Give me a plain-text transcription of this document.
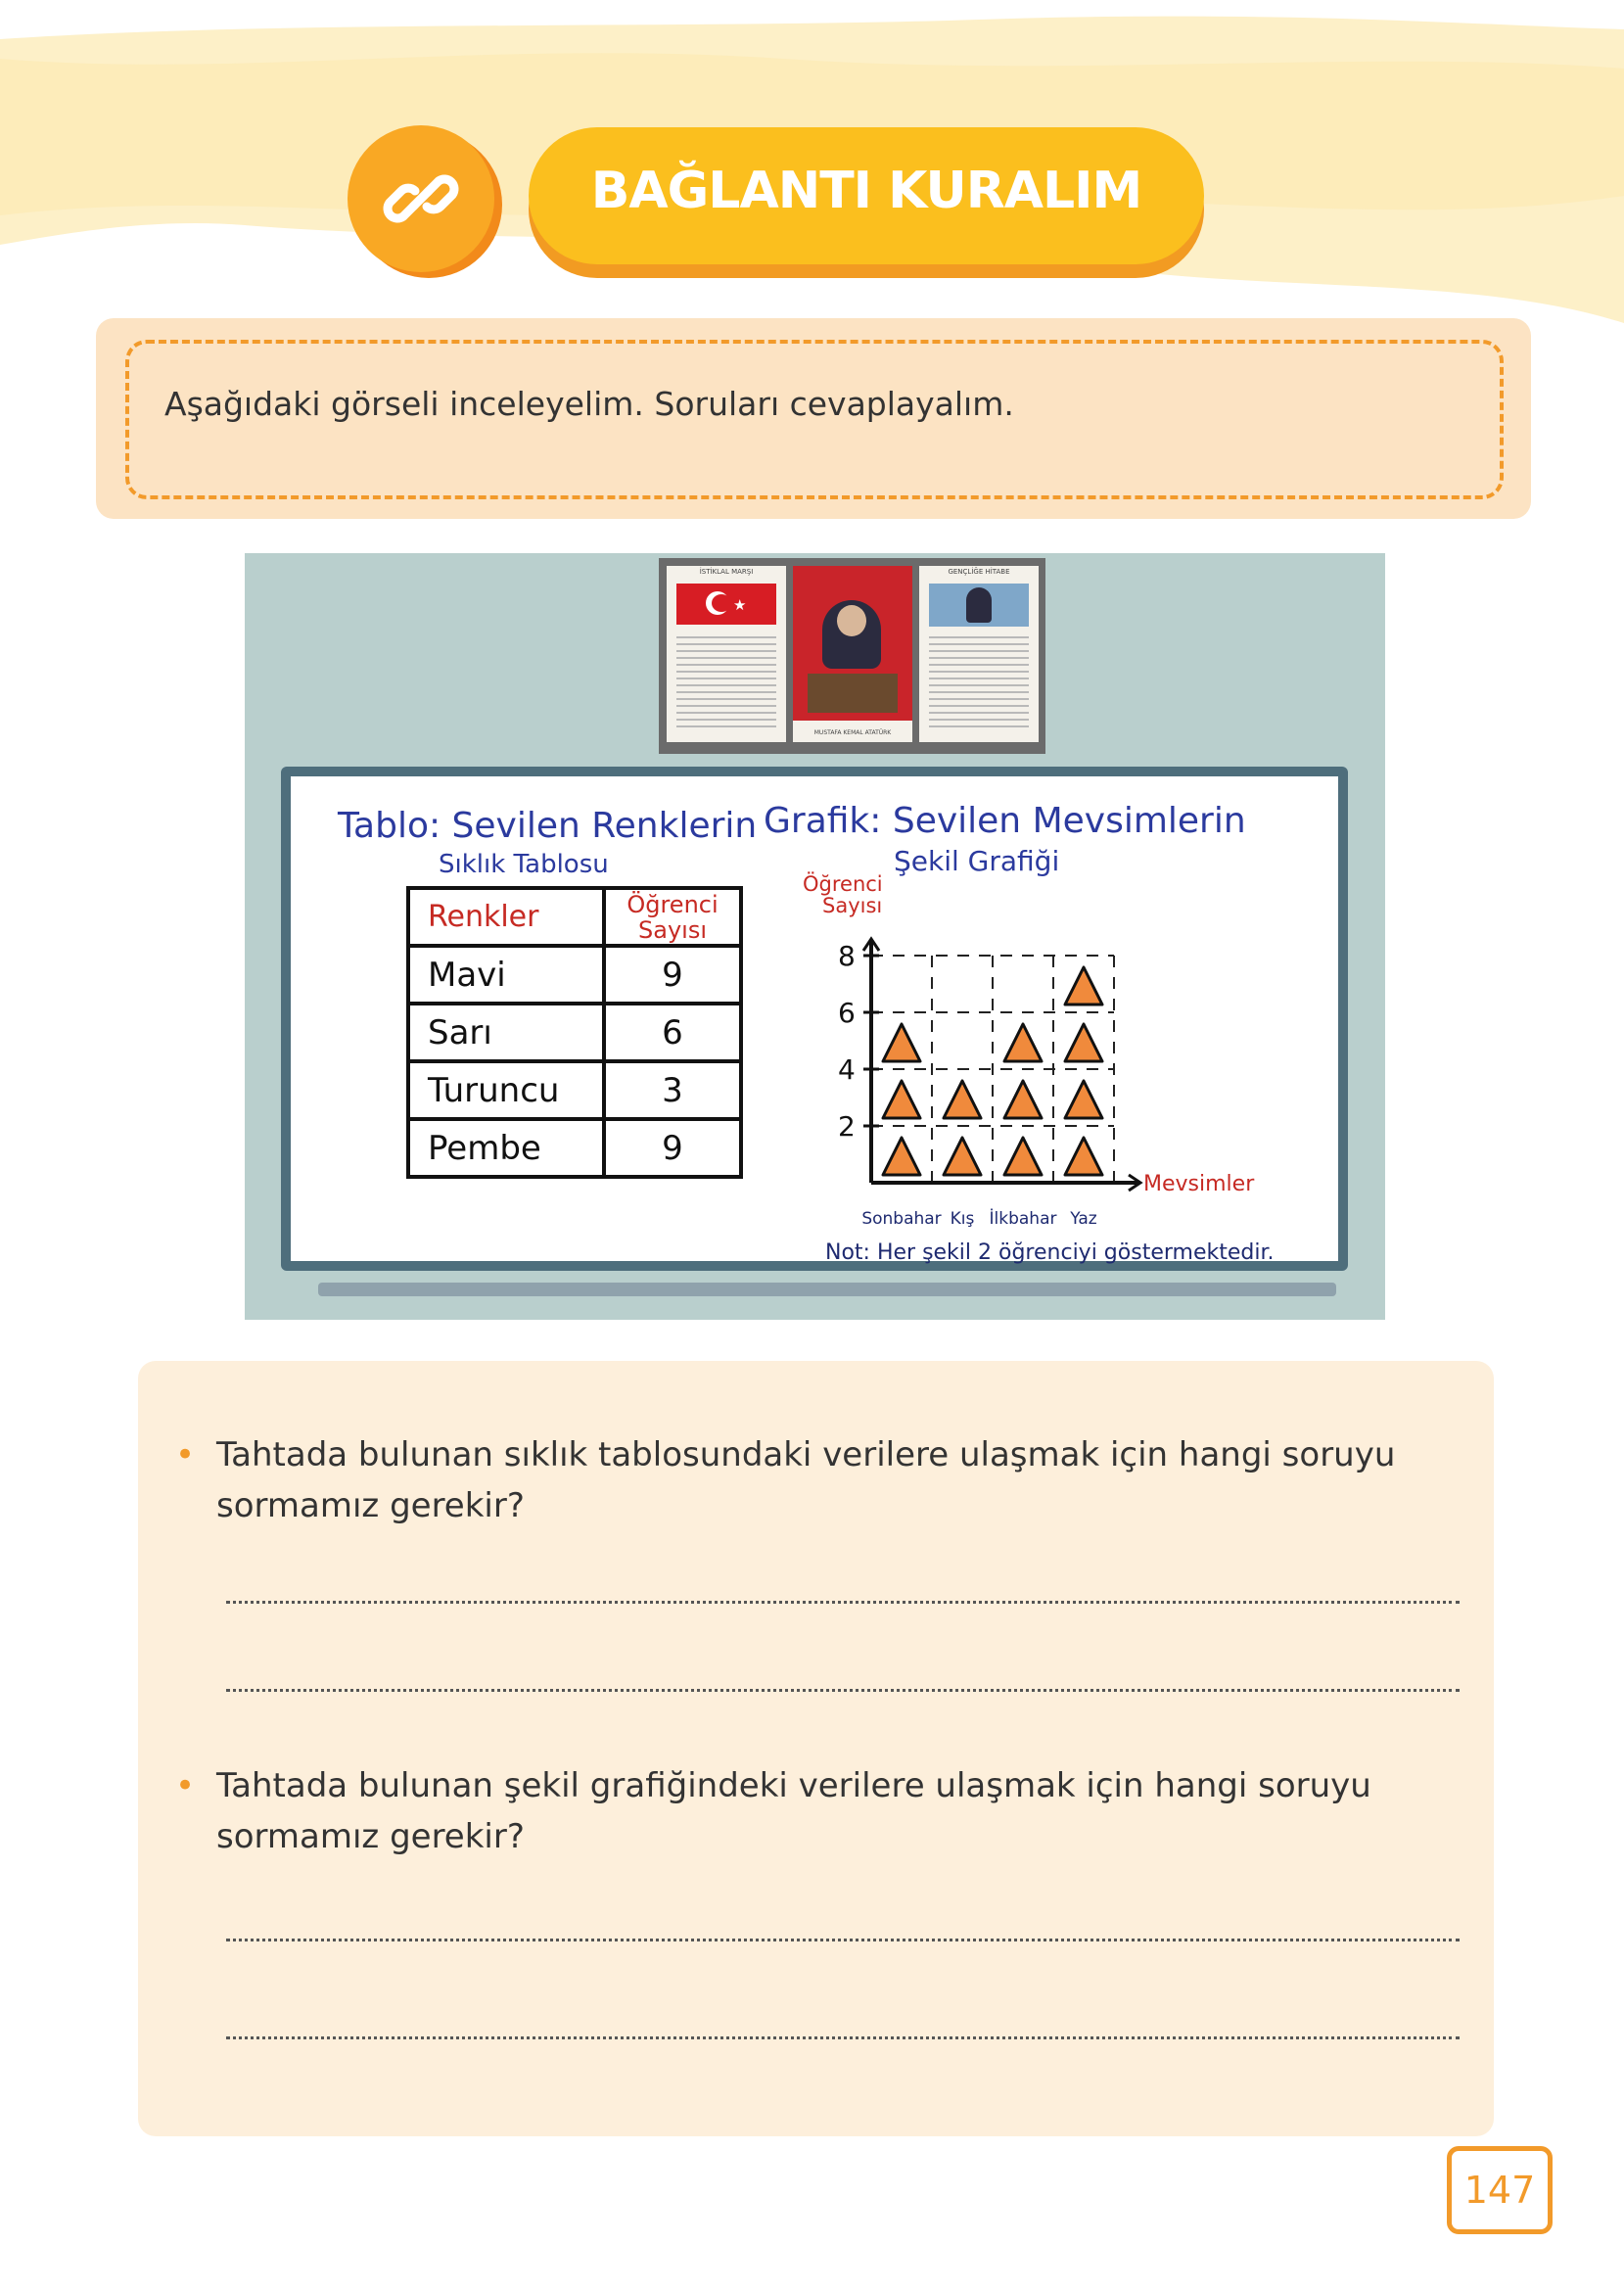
BAĞLANTI KURALIM
Aşağıdaki görseli inceleyelim. Soruları cevaplayalım.
İSTİKLAL MARŞI
★
MUSTAFA KEMAL ATATÜRK
GENÇLİĞE HİTABE
Tablo: Sevilen Renklerin
Sıklık Tablosu
Renkler	Öğrenci Sayısı
Mavi	9
Sarı	6
Turuncu	3
Pembe	9
Grafik: Sevilen Mevsimlerin
Şekil Grafiği
Öğrenci
Sayısı
2
4
6
8
Mevsimler
Sonbahar Kış İlkbahar Yaz
Not: Her şekil 2 öğrenciyi göstermektedir.
• Tahtada bulunan sıklık tablosundaki verilere ulaşmak için hangi soruyu sormamız gerekir?
• Tahtada bulunan şekil grafiğindeki verilere ulaşmak için hangi soruyu sormamız gerekir?
147
